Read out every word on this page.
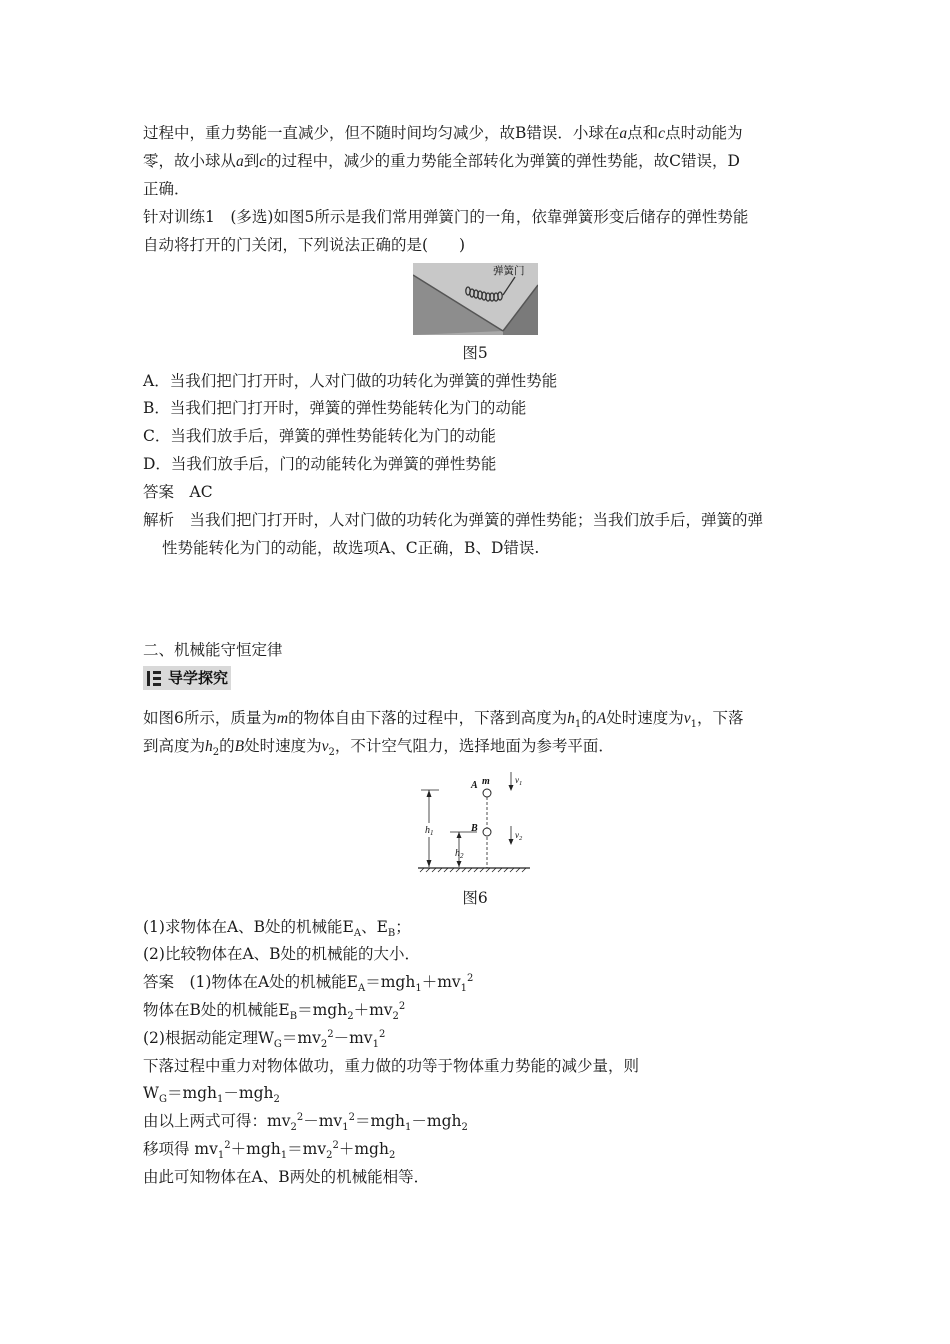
过程中，重力势能一直减少，但不随时间均匀减少，故B错误．小球在a点和c点时动能为
零，故小球从a到c的过程中，减少的重力势能全部转化为弹簧的弹性势能，故C错误，D
正确．
针对训练1　(多选)如图5所示是我们常用弹簧门的一角，依靠弹簧形变后储存的弹性势能
自动将打开的门关闭，下列说法正确的是(　　)
弹簧门
图5
A．当我们把门打开时，人对门做的功转化为弹簧的弹性势能
B．当我们把门打开时，弹簧的弹性势能转化为门的动能
C．当我们放手后，弹簧的弹性势能转化为门的动能
D．当我们放手后，门的动能转化为弹簧的弹性势能
答案　AC
解析　当我们把门打开时，人对门做的功转化为弹簧的弹性势能；当我们放手后，弹簧的弹
性势能转化为门的动能，故选项A、C正确，B、D错误.
二、机械能守恒定律
导学探究
如图6所示，质量为m的物体自由下落的过程中，下落到高度为$h_1$的A处时速度为$v_1$，下落
到高度为$h_2$的B处时速度为$v_2$，不计空气阻力，选择地面为参考平面．
$h_1$
$h_2$
A m
B
$v_1$
$v_2$
图6
(1)求物体在A、B处的机械能$E_A$、$E_B$；
(2)比较物体在A、B处的机械能的大小．
答案　(1)物体在A处的机械能$E_A=mgh_1+mv_1^2$
物体在B处的机械能$E_B=mgh_2+mv_2^2$
(2)根据动能定理$W_G=mv_2^2-mv_1^2$
下落过程中重力对物体做功，重力做的功等于物体重力势能的减少量，则
$W_G=mgh_1-mgh_2$
由以上两式可得：$mv_2^2-mv_1^2=mgh_1-mgh_2$
移项得 $mv_1^2+mgh_1=mv_2^2+mgh_2$
由此可知物体在A、B两处的机械能相等．
